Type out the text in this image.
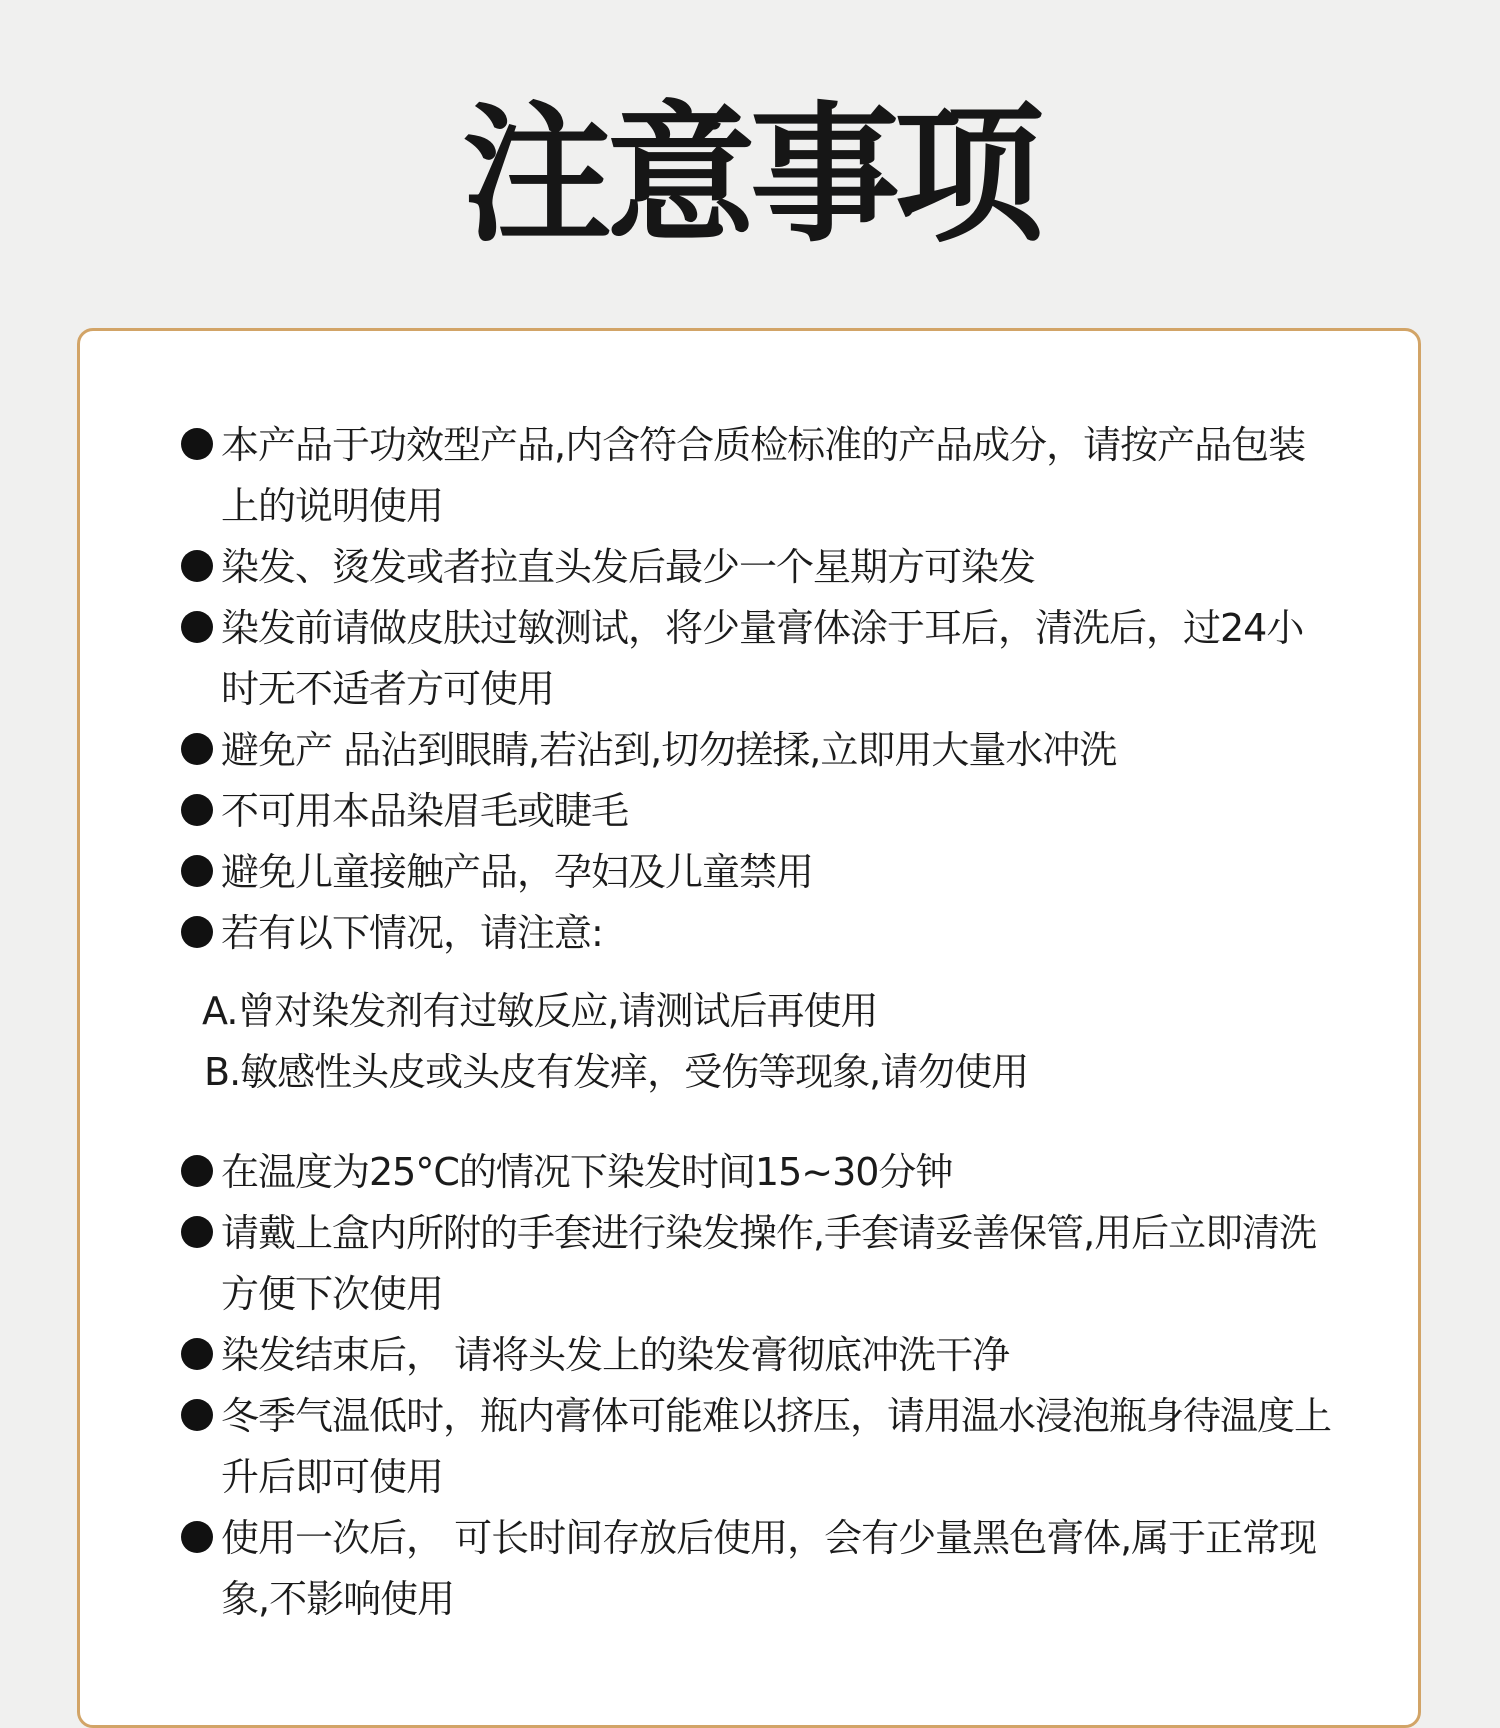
注意事项
本产品于功效型产品,内含符合质检标准的产品成分，请按产品包装上的说明使用
染发、烫发或者拉直头发后最少一个星期方可染发
染发前请做皮肤过敏测试，将少量膏体涂于耳后，清洗后，过24小时无不适者方可使用
避免产 品沾到眼睛,若沾到,切勿搓揉,立即用大量水冲洗
不可用本品染眉毛或睫毛
避免儿童接触产品，孕妇及儿童禁用
若有以下情况，请注意:
A.曾对染发剂有过敏反应,请测试后再使用
B.敏感性头皮或头皮有发痒，受伤等现象,请勿使用
在温度为25°C的情况下染发时间15~30分钟
请戴上盒内所附的手套进行染发操作,手套请妥善保管,用后立即清洗方便下次使用
染发结束后， 请将头发上的染发膏彻底冲洗干净
冬季气温低时，瓶内膏体可能难以挤压，请用温水浸泡瓶身待温度上升后即可使用
使用一次后， 可长时间存放后使用，会有少量黑色膏体,属于正常现象,不影响使用
